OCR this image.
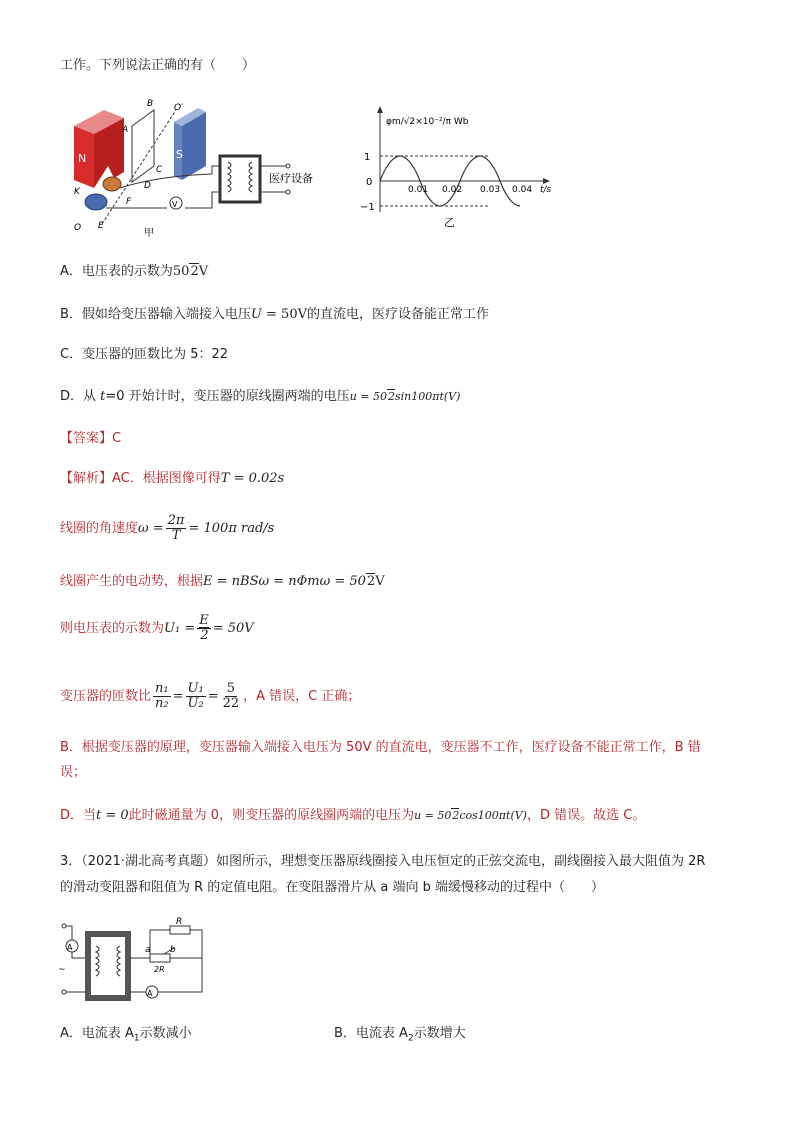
工作。下列说法正确的有（　　）
N	S
V
医疗设备
B O′
A
C
D
F
K
E
O	甲
φm/√2×10⁻²/π Wb
1
0
−1
0.01 0.02 0.03 0.04 t/s
乙
A．电压表的示数为502V
B．假如给变压器输入端接入电压U = 50V的直流电，医疗设备能正常工作
C．变压器的匝数比为 5：22
D．从 t=0 开始计时，变压器的原线圈两端的电压u = 502sin100πt(V)
【答案】C
【解析】AC．根据图像可得T = 0.02s
线圈的角速度$\omega = \frac{2\pi}{T} = 100\pi$ rad/s
线圈产生的电动势，根据E = nBSω = nΦmω = 502V
则电压表的示数为$U_1 = \frac{E}{2} = 50V$
变压器的匝数比 $\frac{\text{n₁}}{\text{n₂}} = \frac{\text{U₁}}{\text{U₂}} = \frac{5}{22}$ ，A 错误，C 正确；
B．根据变压器的原理，变压器输入端接入电压为 50V 的直流电，变压器不工作，医疗设备不能正常工作，B 错
误；
D．当t = 0此时磁通量为 0，则变压器的原线圈两端的电压为u = 502cos100πt(V)，D 错误。故选 C。
3．（2021·湖北高考真题）如图所示，理想变压器原线圈接入电压恒定的正弦交流电，副线圈接入最大阻值为 2R
的滑动变阻器和阻值为 R 的定值电阻。在变阻器滑片从 a 端向 b 端缓慢移动的过程中（　　）
A
~
A
R
2R
a b
A．电流表 $A_1$示数减小	B．电流表 $A_2$示数增大
